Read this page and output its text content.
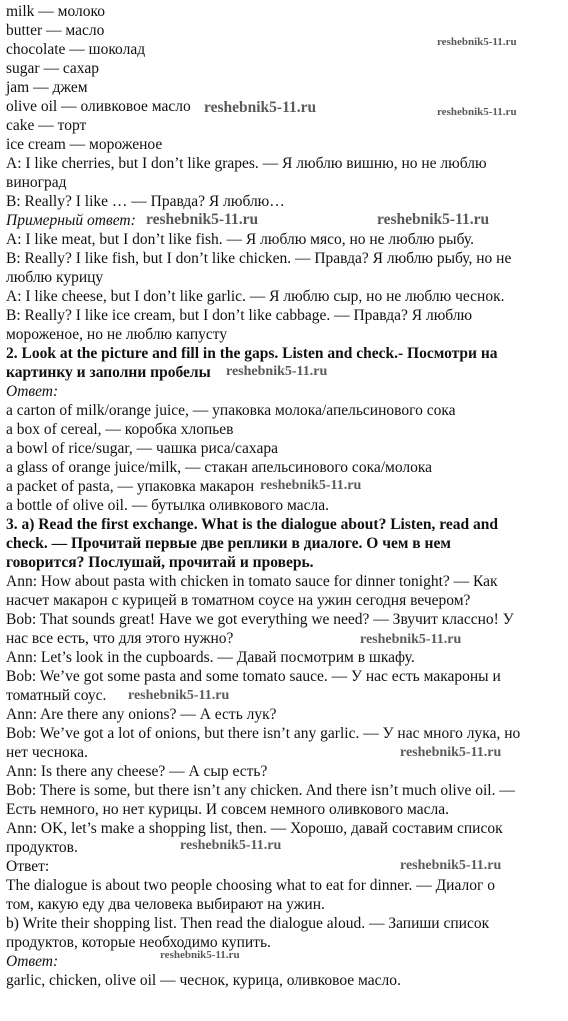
milk — молоко
butter — масло
chocolate — шоколад
sugar — сахар
jam — джем
olive oil — оливковое масло
cake — торт
ice cream — мороженое
A: I like cherries, but I don’t like grapes. — Я люблю вишню, но не люблю
виноград
B: Really? I like … — Правда? Я люблю…
Примерный ответ:
A: I like meat, but I don’t like fish. — Я люблю мясо, но не люблю рыбу.
B: Really? I like fish, but I don’t like chicken. — Правда? Я люблю рыбу, но не
люблю курицу
A: I like cheese, but I don’t like garlic. — Я люблю сыр, но не люблю чеснок.
B: Really? I like ice cream, but I don’t like cabbage. — Правда? Я люблю
мороженое, но не люблю капусту
2. Look at the picture and fill in the gaps. Listen and check.- Посмотри на
картинку и заполни пробелы
Ответ:
a carton of milk/orange juice, — упаковка молока/апельсинового сока
a box of cereal, — коробка хлопьев
a bowl of rice/sugar, — чашка риса/сахара
a glass of orange juice/milk, — стакан апельсинового сока/молока
a packet of pasta, — упаковка макарон
a bottle of olive oil. — бутылка оливкового масла.
3. a) Read the first exchange. What is the dialogue about? Listen, read and
check. — Прочитай первые две реплики в диалоге. О чем в нем
говорится? Послушай, прочитай и проверь.
Ann: How about pasta with chicken in tomato sauce for dinner tonight? — Как
насчет макарон с курицей в томатном соусе на ужин сегодня вечером?
Bob: That sounds great! Have we got everything we need? — Звучит классно! У
нас все есть, что для этого нужно?
Ann: Let’s look in the cupboards. — Давай посмотрим в шкафу.
Bob: We’ve got some pasta and some tomato sauce. — У нас есть макароны и
томатный соус.
Ann: Are there any onions? — А есть лук?
Bob: We’ve got a lot of onions, but there isn’t any garlic. — У нас много лука, но
нет чеснока.
Ann: Is there any cheese? — А сыр есть?
Bob: There is some, but there isn’t any chicken. And there isn’t much olive oil. —
Есть немного, но нет курицы. И совсем немного оливкового масла.
Ann: OK, let’s make a shopping list, then. — Хорошо, давай составим список
продуктов.
Ответ:
The dialogue is about two people choosing what to eat for dinner. — Диалог о
том, какую еду два человека выбирают на ужин.
b) Write their shopping list. Then read the dialogue aloud. — Запиши список
продуктов, которые необходимо купить.
Ответ:
garlic, chicken, olive oil — чеснок, курица, оливковое масло.
reshebnik5-11.ru
reshebnik5-11.ru	reshebnik5-11.ru
reshebnik5-11.ru	reshebnik5-11.ru
reshebnik5-11.ru
reshebnik5-11.ru
reshebnik5-11.ru
reshebnik5-11.ru
reshebnik5-11.ru
reshebnik5-11.ru
reshebnik5-11.ru
reshebnik5-11.ru
